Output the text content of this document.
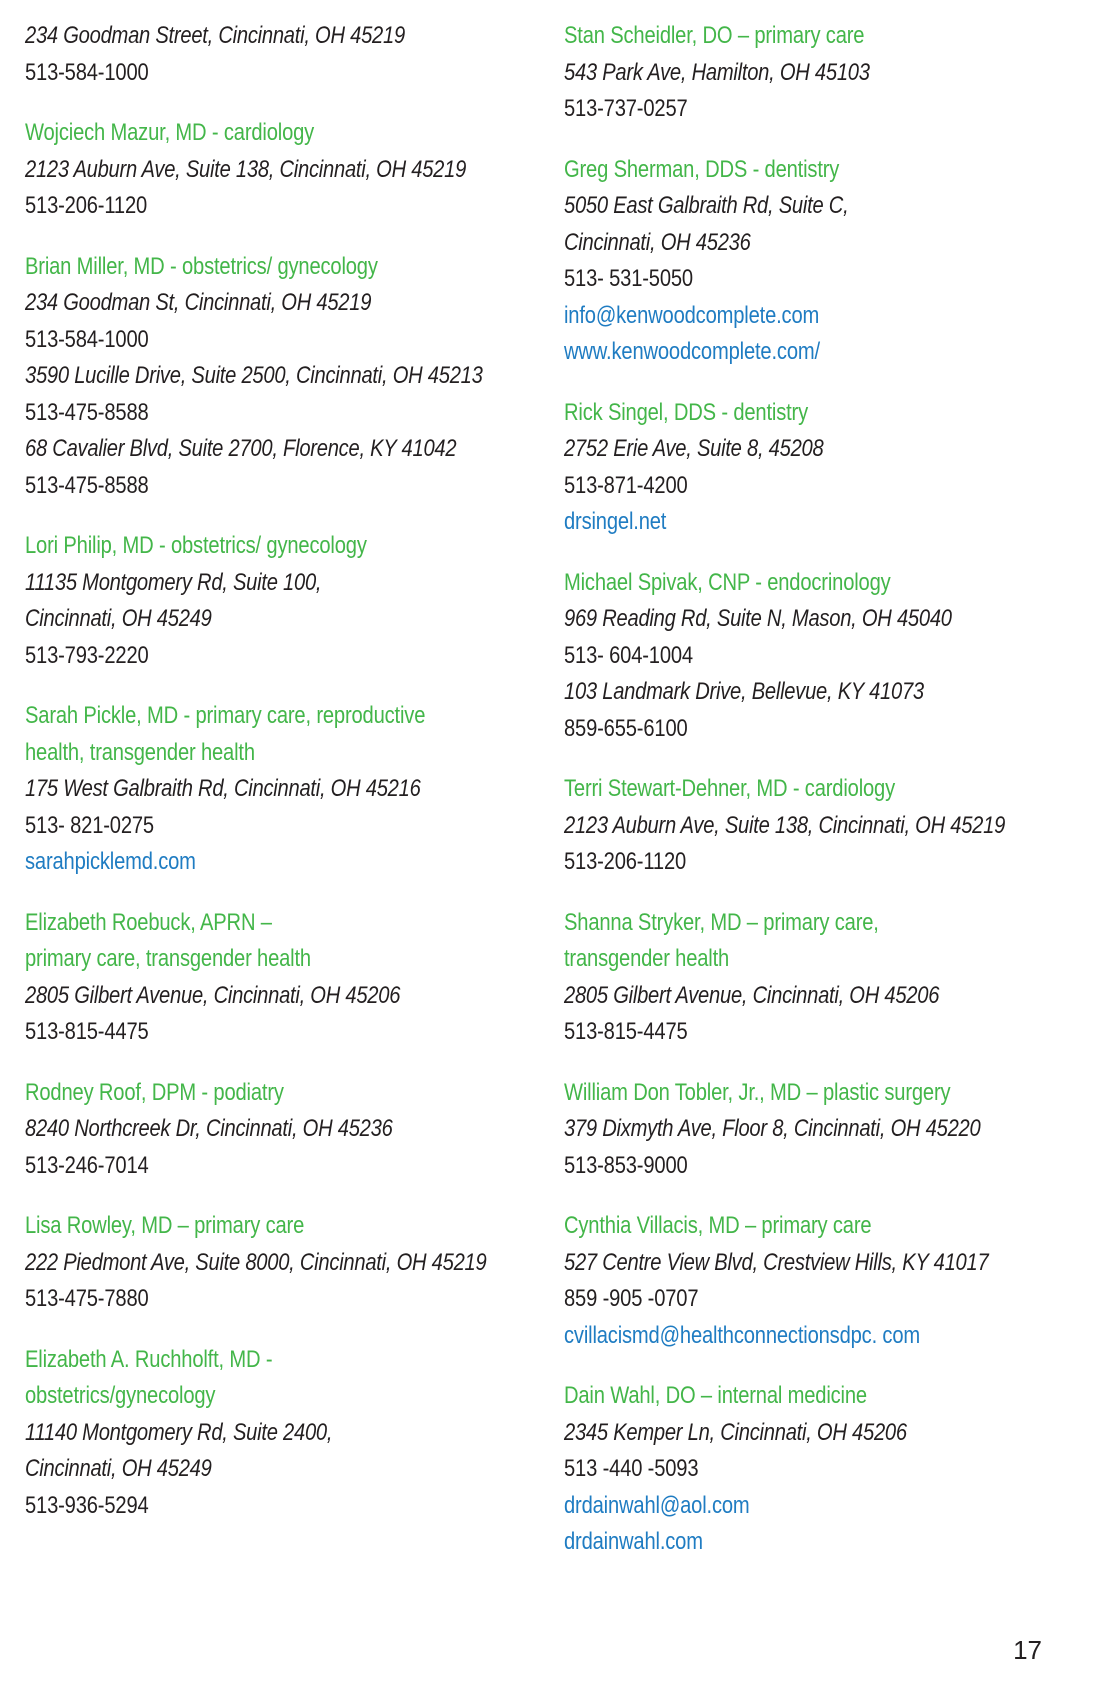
234 Goodman Street, Cincinnati, OH 45219
513-584-1000
Wojciech Mazur, MD - cardiology
2123 Auburn Ave, Suite 138, Cincinnati, OH 45219
513-206-1120
Brian Miller, MD - obstetrics/ gynecology
234 Goodman St, Cincinnati, OH 45219
513-584-1000
3590 Lucille Drive, Suite 2500, Cincinnati, OH 45213
513-475-8588
68 Cavalier Blvd, Suite 2700, Florence, KY 41042
513-475-8588
Lori Philip, MD - obstetrics/ gynecology
11135 Montgomery Rd, Suite 100,
Cincinnati, OH 45249
513-793-2220
Sarah Pickle, MD - primary care, reproductive
health, transgender health
175 West Galbraith Rd, Cincinnati, OH 45216
513- 821-0275
sarahpicklemd.com
Elizabeth Roebuck, APRN –
primary care, transgender health
2805 Gilbert Avenue, Cincinnati, OH 45206
513-815-4475
Rodney Roof, DPM - podiatry
8240 Northcreek Dr, Cincinnati, OH 45236
513-246-7014
Lisa Rowley, MD – primary care
222 Piedmont Ave, Suite 8000, Cincinnati, OH 45219
513-475-7880
Elizabeth A. Ruchholft, MD -
obstetrics/gynecology
11140 Montgomery Rd, Suite 2400,
Cincinnati, OH 45249
513-936-5294
Stan Scheidler, DO – primary care
543 Park Ave, Hamilton, OH 45103
513-737-0257
Greg Sherman, DDS - dentistry
5050 East Galbraith Rd, Suite C,
Cincinnati, OH 45236
513- 531-5050
info@kenwoodcomplete.com
www.kenwoodcomplete.com/
Rick Singel, DDS - dentistry
2752 Erie Ave, Suite 8, 45208
513-871-4200
drsingel.net
Michael Spivak, CNP - endocrinology
969 Reading Rd, Suite N, Mason, OH 45040
513- 604-1004
103 Landmark Drive, Bellevue, KY 41073
859-655-6100
Terri Stewart-Dehner, MD - cardiology
2123 Auburn Ave, Suite 138, Cincinnati, OH 45219
513-206-1120
Shanna Stryker, MD – primary care,
transgender health
2805 Gilbert Avenue, Cincinnati, OH 45206
513-815-4475
William Don Tobler, Jr., MD – plastic surgery
379 Dixmyth Ave, Floor 8, Cincinnati, OH 45220
513-853-9000
Cynthia Villacis, MD – primary care
527 Centre View Blvd, Crestview Hills, KY 41017
859 -905 -0707
cvillacismd@healthconnectionsdpc. com
Dain Wahl, DO – internal medicine
2345 Kemper Ln, Cincinnati, OH 45206
513 -440 -5093
drdainwahl@aol.com
drdainwahl.com
17
